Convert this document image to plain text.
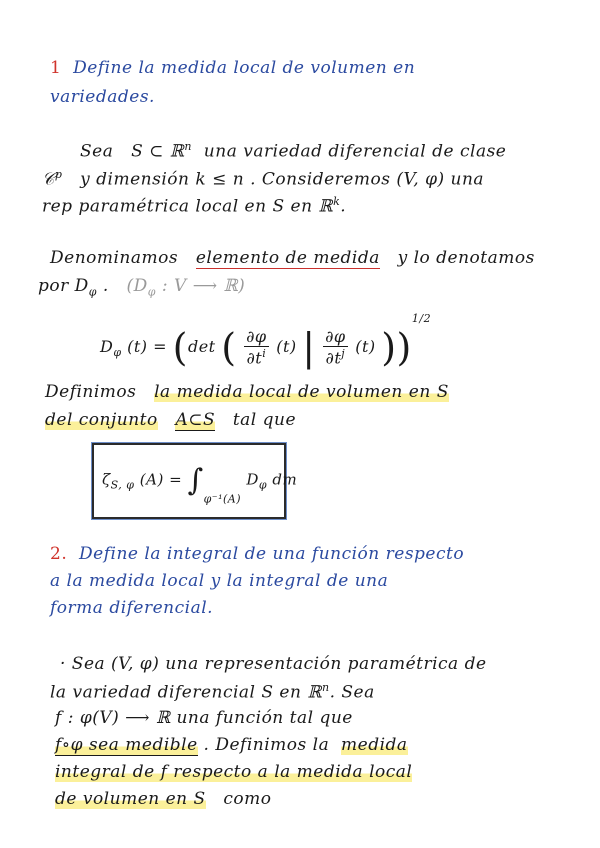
1 Define la medida local de volumen en
variedades.
Sea S ⊂ ℝ$^n$ una variedad diferencial de clase
𝒞$^p$ y dimensión k ≤ n . Consideremos (V, φ) una
rep paramétrica local en S en ℝ$^k$.
Denominamos elemento de medida y lo denotamos
por $D_\varphi$ . ($D_\varphi$ : V ⟶ ℝ)
$D_\varphi$ (t) = (det ( $\frac{\partial\varphi}{\partial t^i} (t)$ | $\frac{\partial\varphi}{\partial t^j} (t)$ ))$^{1/2}$
Definimos la medida local de volumen en S
del conjunto A⊂S tal que
$\zeta_{S, \varphi}$ $(A) = \int_{\varphi^{-1}(A)}$ $D_\varphi$ dm
2. Define la integral de una función respecto
a la medida local y la integral de una
forma diferencial.
· Sea (V, φ) una representación paramétrica de
la variedad diferencial S en ℝ$^n$. Sea
f : φ(V) ⟶ ℝ una función tal que
f∘φ sea medible . Definimos la medida
integral de f respecto a la medida local
de volumen en S como
